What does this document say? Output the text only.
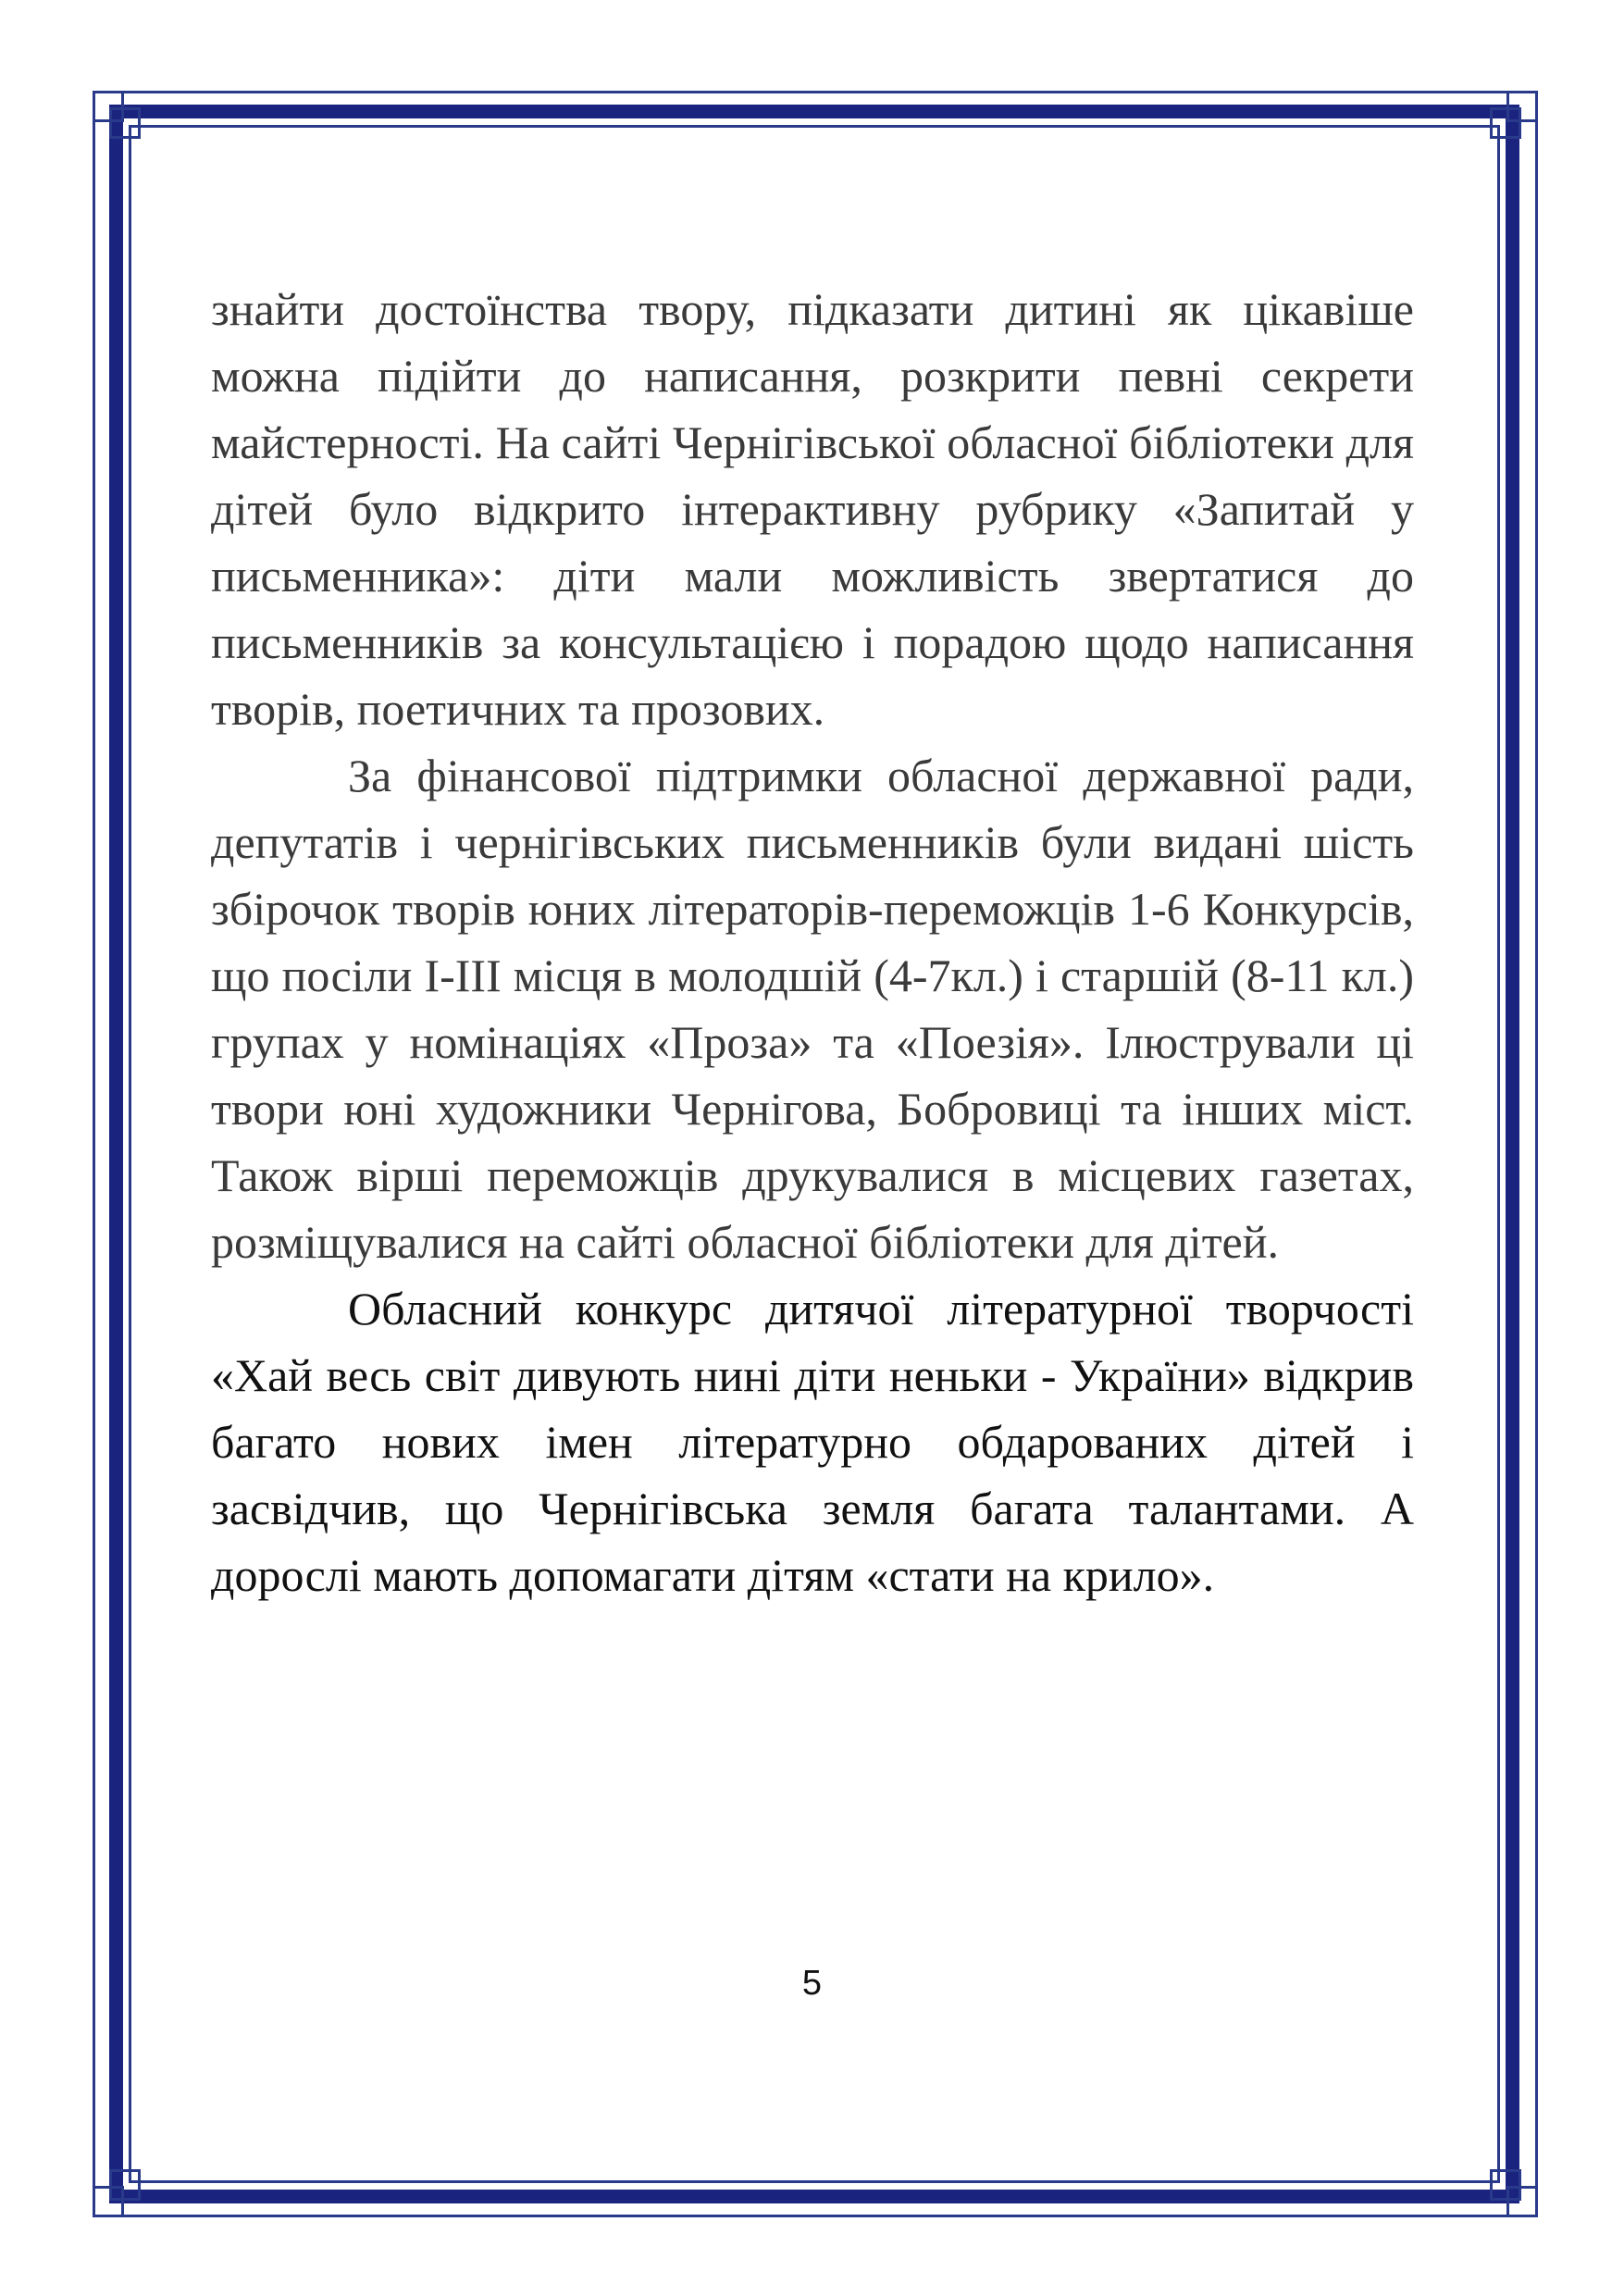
знайти достоїнства твору, підказати дитині як цікавіше можна підійти до написання, розкрити певні секрети майстерності. На сайті Чернігівської обласної бібліотеки для дітей було відкрито інтерактивну рубрику «Запитай у письменника»: діти мали можливість звертатися до письменників за консультацією і порадою щодо написання творів, поетичних та прозових.

За фінансової підтримки обласної державної ради, депутатів і чернігівських письменників були видані шість збірочок творів юних літераторів-переможців 1-6 Конкурсів, що посіли I-III місця в молодшій (4-7кл.) і старшій (8-11 кл.) групах у номінаціях «Проза» та «Поезія». Ілюстрували ці твори юні художники Чернігова, Бобровиці та інших міст. Також вірші переможців друкувалися в місцевих газетах, розміщувалися на сайті обласної бібліотеки для дітей.

Обласний конкурс дитячої літературної творчості «Хай весь світ дивують нині діти неньки - України» відкрив багато нових імен літературно обдарованих дітей і засвідчив, що Чернігівська земля багата талантами. А дорослі мають допомагати дітям «стати на крило».

5
